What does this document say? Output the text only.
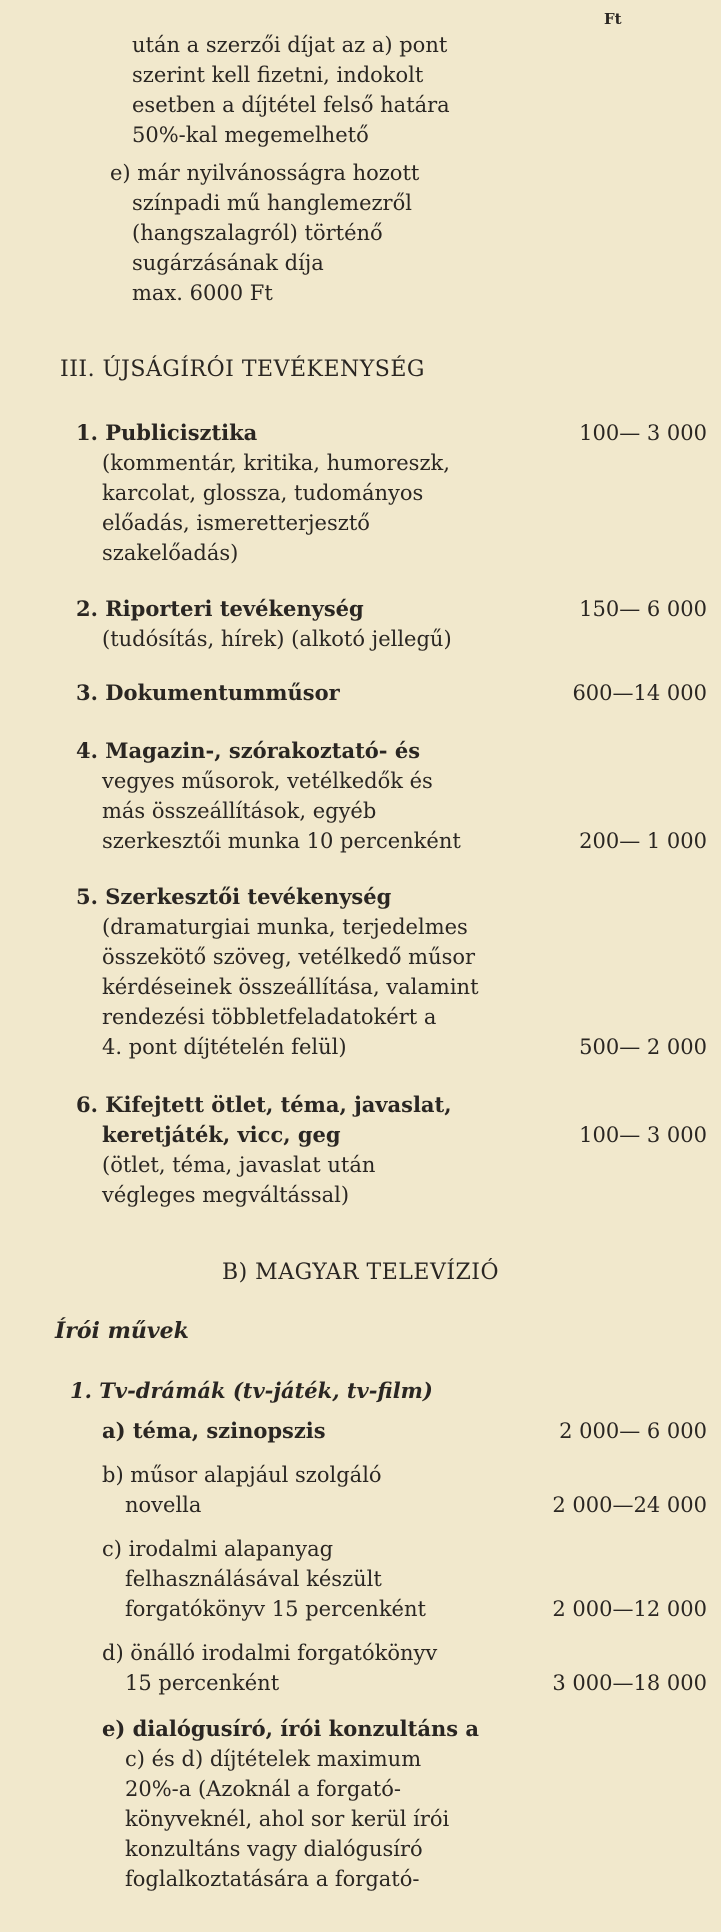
Ft
után a szerzői díjat az a) pont
szerint kell fizetni, indokolt
esetben a díjtétel felső határa
50%-kal megemelhető
e) már nyilvánosságra hozott
színpadi mű hanglemezről
(hangszalagról) történő
sugárzásának díja
max. 6000 Ft
III. ÚJSÁGÍRÓI TEVÉKENYSÉG
1. Publicisztika	100— 3 000
(kommentár, kritika, humoreszk,
karcolat, glossza, tudományos
előadás, ismeretterjesztő
szakelőadás)
2. Riporteri tevékenység	150— 6 000
(tudósítás, hírek) (alkotó jellegű)
3. Dokumentumműsor	600—14 000
4. Magazin-, szórakoztató- és
vegyes műsorok, vetélkedők és
más összeállítások, egyéb
szerkesztői munka 10 percenként	200— 1 000
5. Szerkesztői tevékenység
(dramaturgiai munka, terjedelmes
összekötő szöveg, vetélkedő műsor
kérdéseinek összeállítása, valamint
rendezési többletfeladatokért a
4. pont díjtételén felül)	500— 2 000
6. Kifejtett ötlet, téma, javaslat,
keretjáték, vicc, geg	100— 3 000
(ötlet, téma, javaslat után
végleges megváltással)
B) MAGYAR TELEVÍZIÓ
Írói művek
1. Tv-drámák (tv-játék, tv-film)
a) téma, szinopszis	2 000— 6 000
b) műsor alapjául szolgáló
novella	2 000—24 000
c) irodalmi alapanyag
felhasználásával készült
forgatókönyv 15 percenként	2 000—12 000
d) önálló irodalmi forgatókönyv
15 percenként	3 000—18 000
e) dialógusíró, írói konzultáns a
c) és d) díjtételek maximum
20%-a (Azoknál a forgató-
könyveknél, ahol sor kerül írói
konzultáns vagy dialógusíró
foglalkoztatására a forgató-
